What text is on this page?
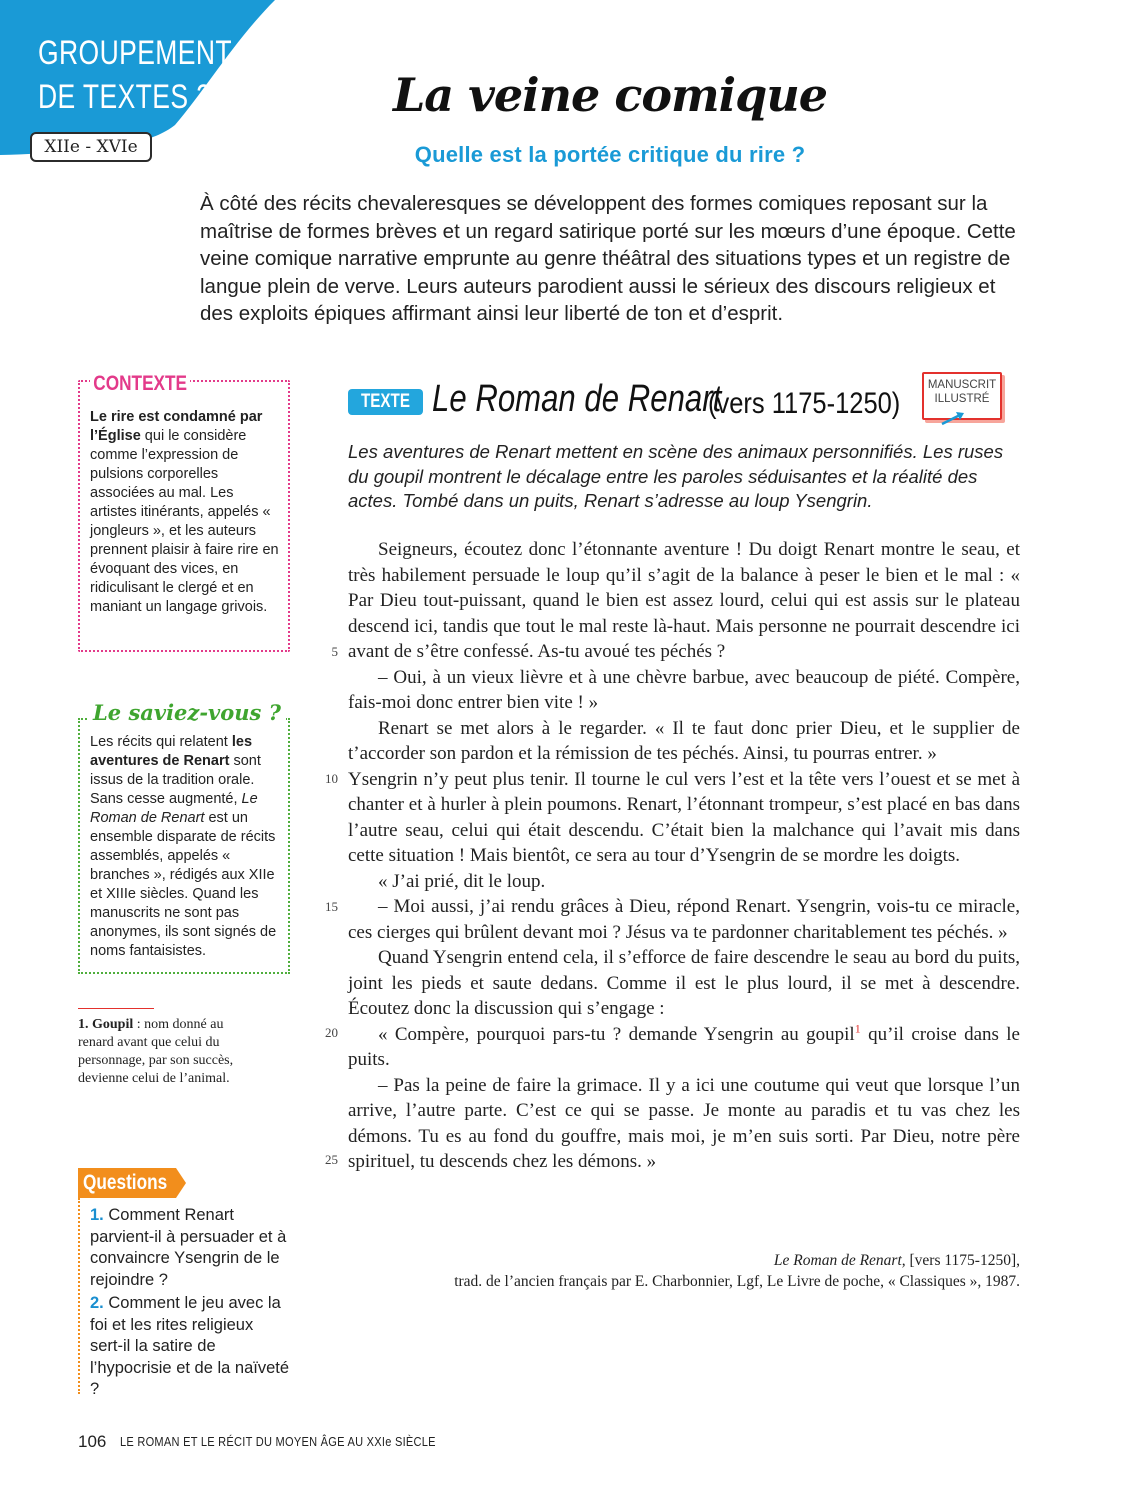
GROUPEMENT
DE TEXTES 2
XIIe - XVIe
La veine comique
Quelle est la portée critique du rire ?
À côté des récits chevaleresques se développent des formes comiques reposant sur la maîtrise de formes brèves et un regard satirique porté sur les mœurs d’une époque. Cette veine comique narrative emprunte au genre théâtral des situations types et un registre de langue plein de verve. Leurs auteurs parodient aussi le sérieux des discours religieux et des exploits épiques affirmant ainsi leur liberté de ton et d’esprit.
CONTEXTE
Le rire est condamné par l’Église qui le considère comme l’expression de pulsions corporelles associées au mal. Les artistes itinérants, appelés « jongleurs », et les auteurs prennent plaisir à faire rire en évoquant des vices, en ridiculisant le clergé et en maniant un langage grivois.
Le saviez-vous ?
Les récits qui relatent les aventures de Renart sont issus de la tradition orale. Sans cesse augmenté, Le Roman de Renart est un ensemble disparate de récits assemblés, appelés « branches », rédigés aux XIIe et XIIIe siècles. Quand les manuscrits ne sont pas anonymes, ils sont signés de noms fantaisistes.
1. Goupil : nom donné au renard avant que celui du personnage, par son succès, devienne celui de l’animal.
Questions
1. Comment Renart parvient-il à persuader et à convaincre Ysengrin de le rejoindre ?
2. Comment le jeu avec la foi et les rites religieux sert-il la satire de l’hypocrisie et de la naïveté ?
TEXTE 1
Le Roman de Renart
(vers 1175-1250)
MANUSCRIT
ILLUSTRÉ
Les aventures de Renart mettent en scène des animaux personnifiés. Les ruses du goupil montrent le décalage entre les paroles séduisantes et la réalité des actes. Tombé dans un puits, Renart s’adresse au loup Ysengrin.
5
10
15
20
25

Seigneurs, écoutez donc l’étonnante aventure ! Du doigt Renart montre le seau, et très habilement persuade le loup qu’il s’agit de la balance à peser le bien et le mal : « Par Dieu tout-puissant, quand le bien est assez lourd, celui qui est assis sur le plateau descend ici, tandis que tout le mal reste là-haut. Mais personne ne pourrait descendre ici avant de s’être confessé. As-tu avoué tes péchés ?

– Oui, à un vieux lièvre et à une chèvre barbue, avec beaucoup de piété. Compère, fais-moi donc entrer bien vite ! »

Renart se met alors à le regarder. « Il te faut donc prier Dieu, et le supplier de t’accorder son pardon et la rémission de tes péchés. Ainsi, tu pourras entrer. »

Ysengrin n’y peut plus tenir. Il tourne le cul vers l’est et la tête vers l’ouest et se met à chanter et à hurler à plein poumons. Renart, l’étonnant trompeur, s’est placé en bas dans l’autre seau, celui qui était descendu. C’était bien la malchance qui l’avait mis dans cette situation ! Mais bientôt, ce sera au tour d’Ysengrin de se mordre les doigts.

« J’ai prié, dit le loup.

– Moi aussi, j’ai rendu grâces à Dieu, répond Renart. Ysengrin, vois-tu ce miracle, ces cierges qui brûlent devant moi ? Jésus va te pardonner charitablement tes péchés. »

Quand Ysengrin entend cela, il s’efforce de faire descendre le seau au bord du puits, joint les pieds et saute dedans. Comme il est le plus lourd, il se met à descendre. Écoutez donc la discussion qui s’engage :

« Compère, pourquoi pars-tu ? demande Ysengrin au goupil$^1$ qu’il croise dans le puits.

– Pas la peine de faire la grimace. Il y a ici une coutume qui veut que lorsque l’un arrive, l’autre parte. C’est ce qui se passe. Je monte au paradis et tu vas chez les démons. Tu es au fond du gouffre, mais moi, je m’en suis sorti. Par Dieu, notre père spirituel, tu descends chez les démons. »

Le Roman de Renart, [vers 1175-1250],
trad. de l’ancien français par E. Charbonnier, Lgf, Le Livre de poche, « Classiques », 1987.
106 LE ROMAN ET LE RÉCIT DU MOYEN ÂGE AU XXIe SIÈCLE
